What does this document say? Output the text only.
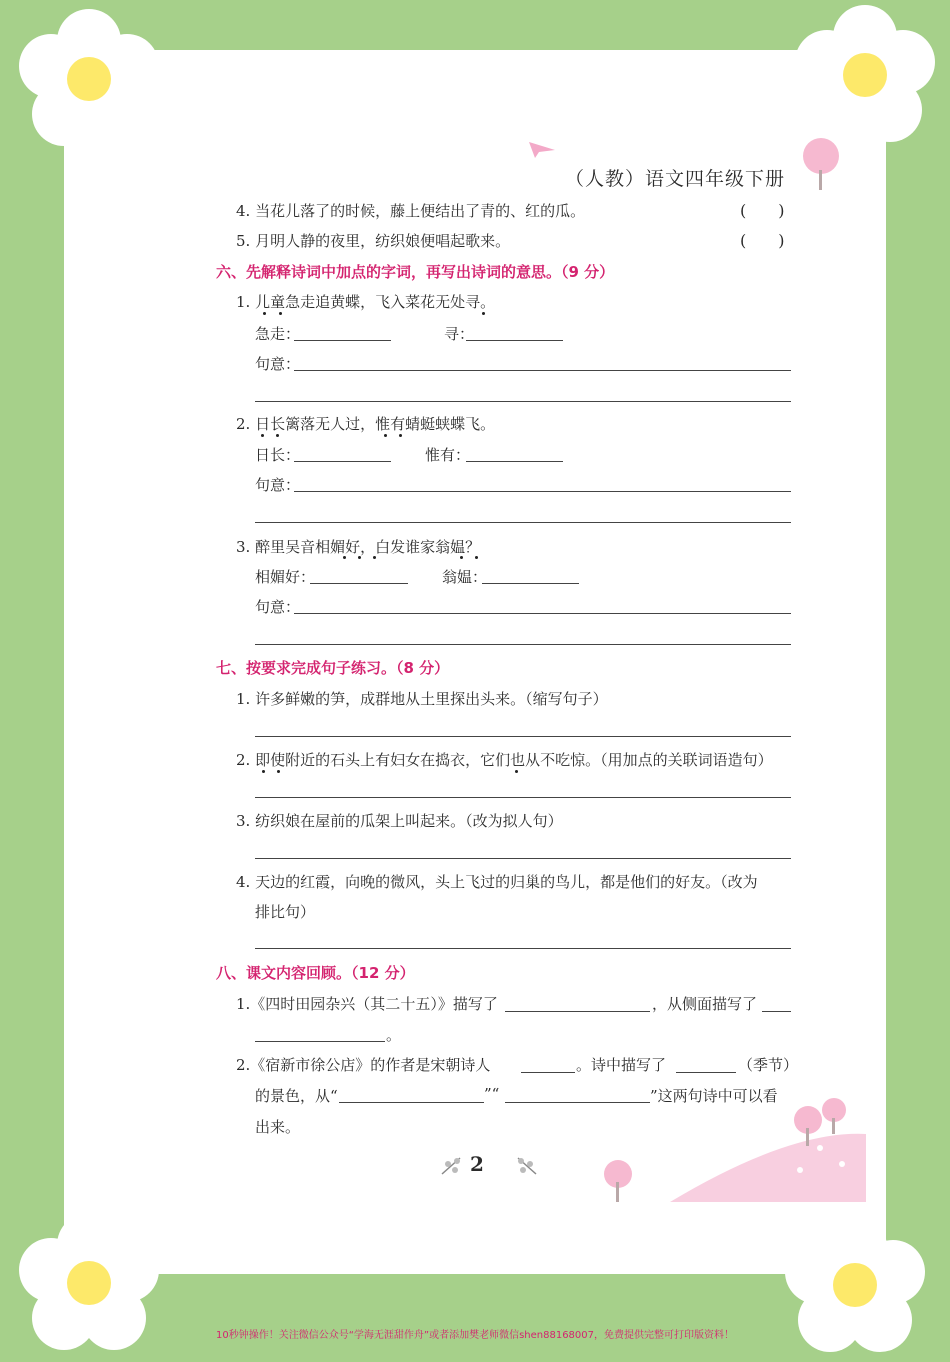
（人教）语文四年级下册
4. 当花儿落了的时候，藤上便结出了青的、红的瓜。	(　　)
5. 月明人静的夜里，纺织娘便唱起歌来。	(　　)
六、先解释诗词中加点的字词，再写出诗词的意思。（9 分）
1. 儿童急走追黄蝶，飞入菜花无处寻。
急走：	寻：
句意：
2. 日长篱落无人过，惟有蜻蜓蛱蝶飞。
日长：	惟有：
句意：
3. 醉里吴音相媚好，白发谁家翁媪？
相媚好：	翁媪：
句意：
七、按要求完成句子练习。（8 分）
1. 许多鲜嫩的笋，成群地从土里探出头来。（缩写句子）
2. 即使附近的石头上有妇女在捣衣，它们也从不吃惊。（用加点的关联词语造句）
3. 纺织娘在屋前的瓜架上叫起来。（改为拟人句）
4. 天边的红霞，向晚的微风，头上飞过的归巢的鸟儿，都是他们的好友。（改为
排比句）
八、课文内容回顾。（12 分）
1.《四时田园杂兴（其二十五）》描写了	，从侧面描写了
。
2.《宿新市徐公店》的作者是宋朝诗人	。诗中描写了	（季节）
的景色，从“	”“	”这两句诗中可以看
出来。
2
10秒钟操作！关注微信公众号“学海无涯甜作舟”或者添加樊老师微信shen88168007，免费提供完整可打印版资料！
